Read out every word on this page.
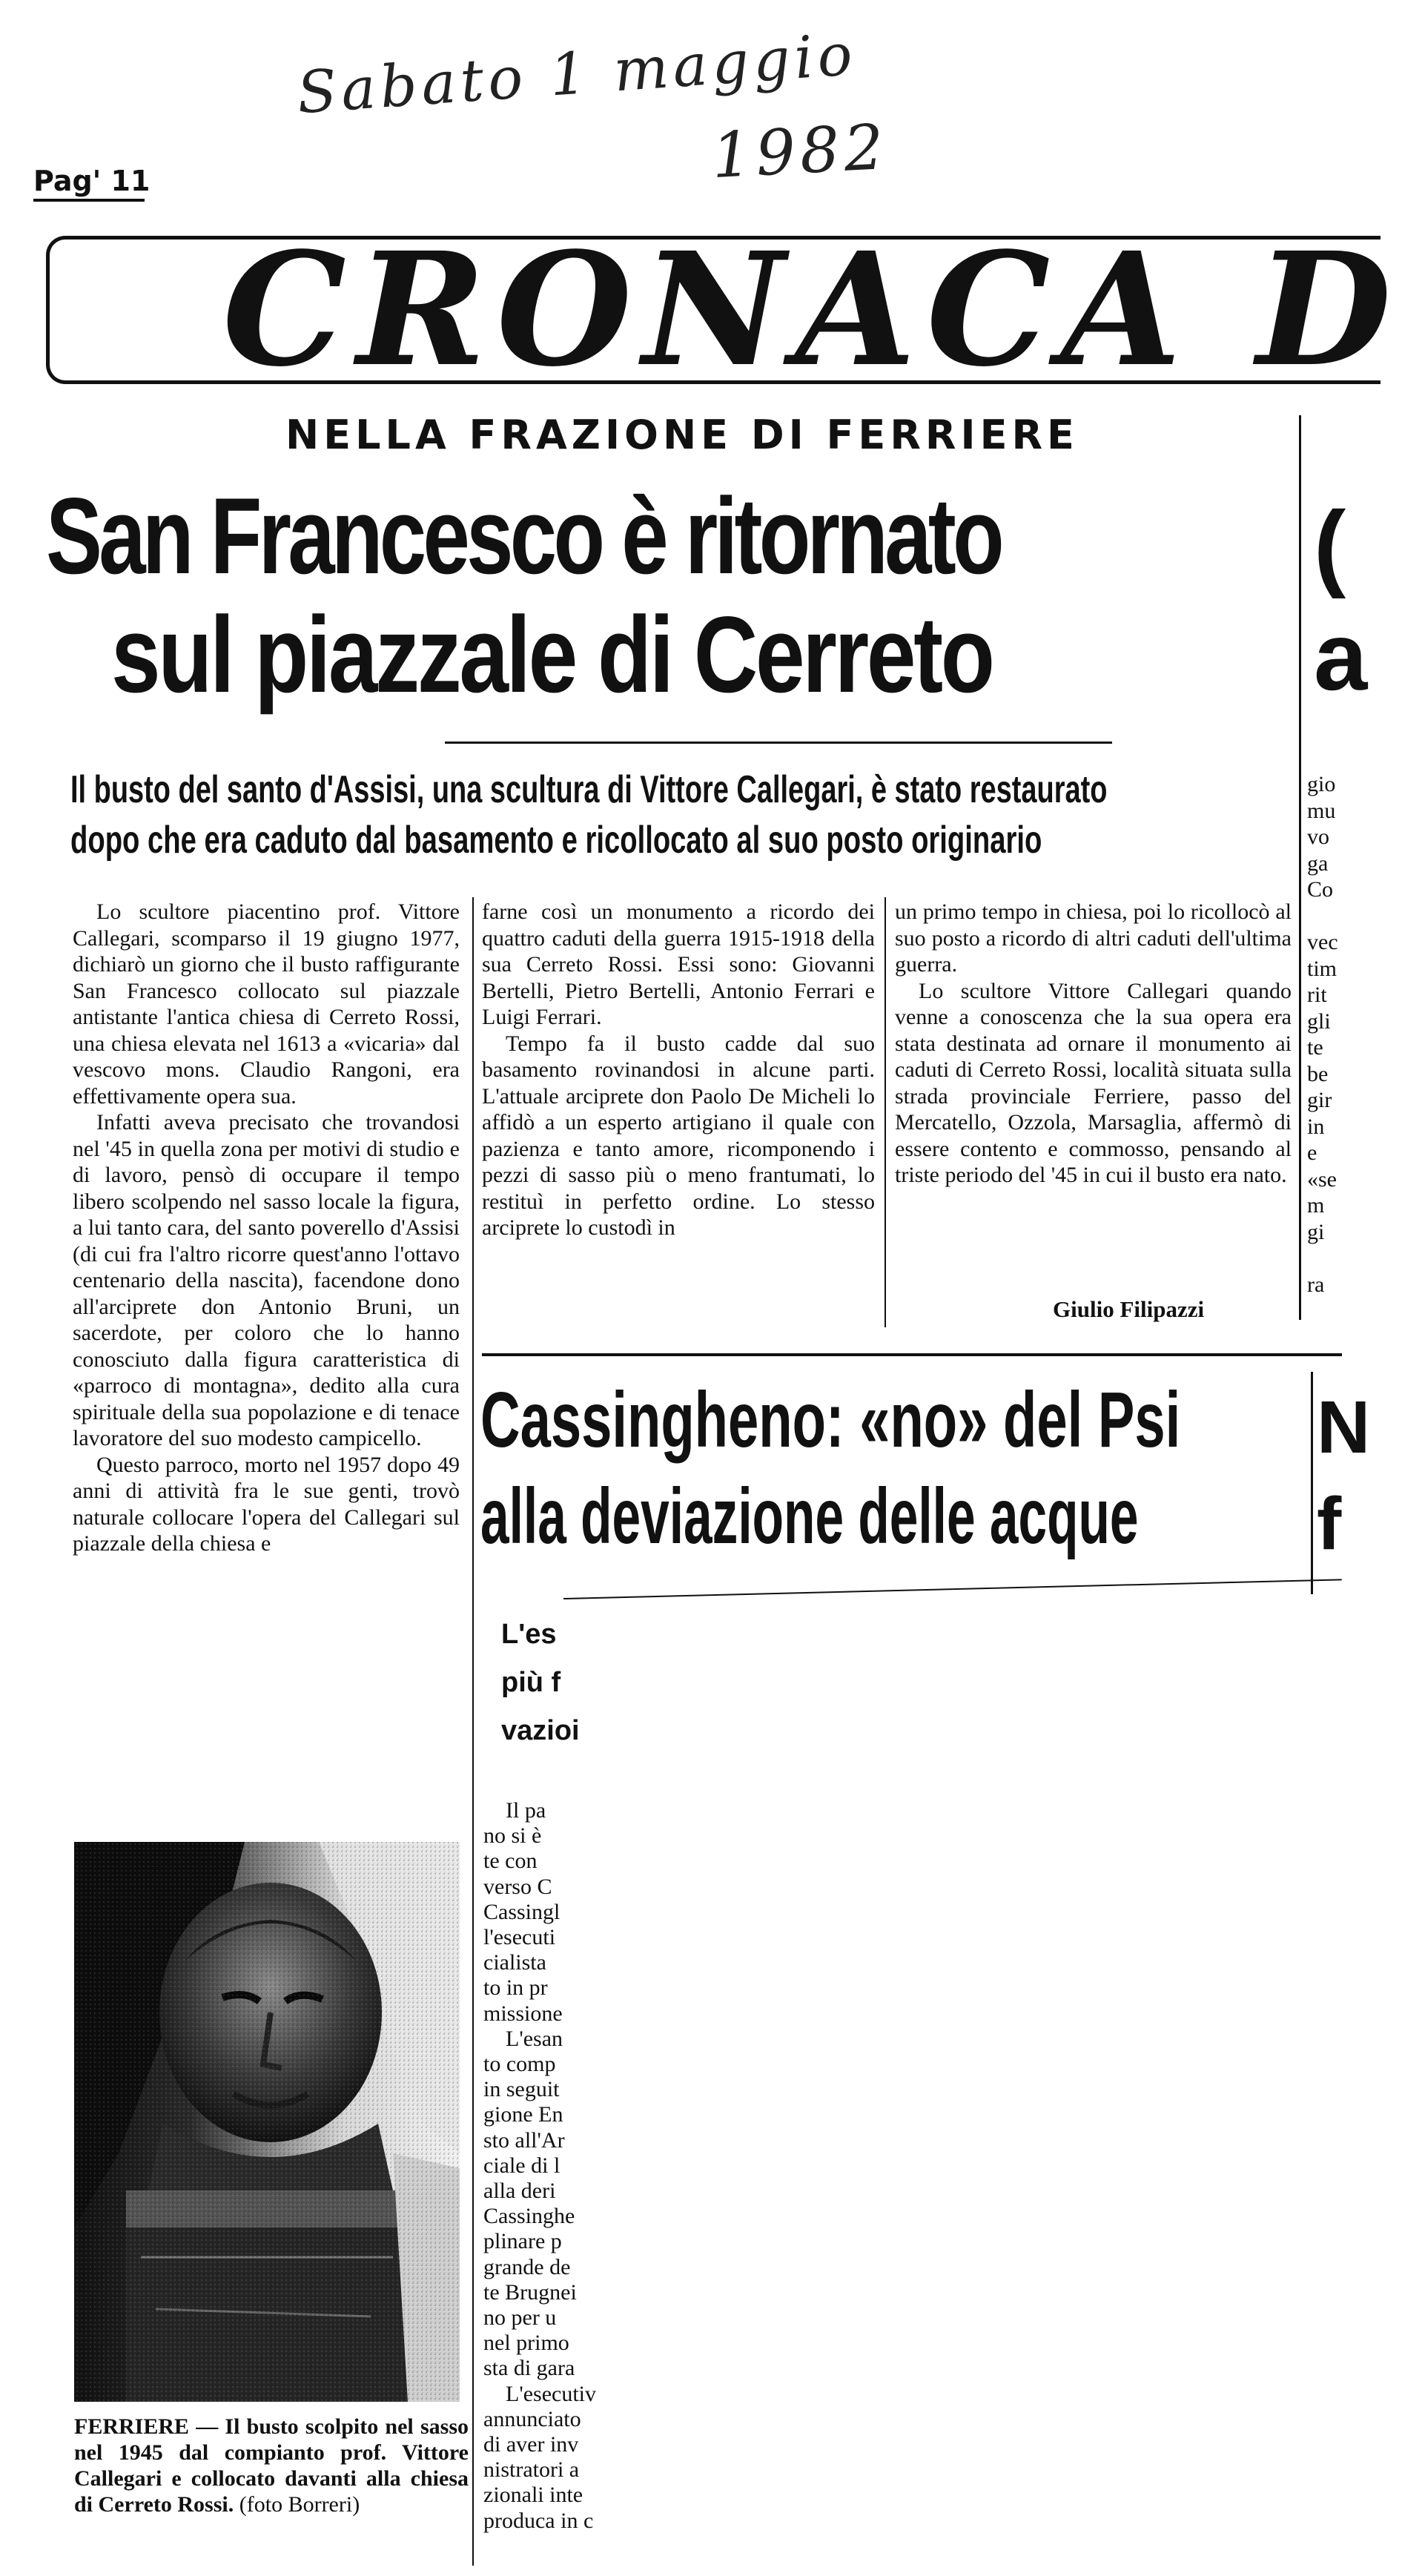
Sabato 1 maggio
1982
Pag' 11
CRONACA D
NELLA FRAZIONE DI FERRIERE
San Francesco è ritornato
sul piazzale di Cerreto
Il busto del santo d'Assisi, una scultura di Vittore Callegari, è stato restaurato
dopo che era caduto dal basamento e ricollocato al suo posto originario

Lo scultore piacentino prof. Vittore Callegari, scomparso il 19 giugno 1977, dichiarò un giorno che il busto raffigurante San Francesco collocato sul piazzale antistante l'antica chiesa di Cerreto Rossi, una chiesa elevata nel 1613 a «vicaria» dal vescovo mons. Claudio Rangoni, era effettivamente opera sua.

Infatti aveva precisato che trovandosi nel '45 in quella zona per motivi di studio e di lavoro, pensò di occupare il tempo libero scolpendo nel sasso locale la figura, a lui tanto cara, del santo poverello d'Assisi (di cui fra l'altro ricorre quest'anno l'ottavo centenario della nascita), facendone dono all'arciprete don Antonio Bruni, un sacerdote, per coloro che lo hanno conosciuto dalla figura caratteristica di «parroco di montagna», dedito alla cura spirituale della sua popolazione e di tenace lavoratore del suo modesto campicello.

Questo parroco, morto nel 1957 dopo 49 anni di attività fra le sue genti, trovò naturale collocare l'opera del Callegari sul piazzale della chiesa e

farne così un monumento a ricordo dei quattro caduti della guerra 1915-1918 della sua Cerreto Rossi. Essi sono: Giovanni Bertelli, Pietro Bertelli, Antonio Ferrari e Luigi Ferrari.

Tempo fa il busto cadde dal suo basamento rovinandosi in alcune parti. L'attuale arciprete don Paolo De Micheli lo affidò a un esperto artigiano il quale con pazienza e tanto amore, ricomponendo i pezzi di sasso più o meno frantumati, lo restituì in perfetto ordine. Lo stesso arciprete lo custodì in

un primo tempo in chiesa, poi lo ricollocò al suo posto a ricordo di altri caduti dell'ultima guerra.

Lo scultore Vittore Callegari quando venne a conoscenza che la sua opera era stata destinata ad ornare il monumento ai caduti di Cerreto Rossi, località situata sulla strada provinciale Ferriere, passo del Mercatello, Ozzola, Marsaglia, affermò di essere contento e commosso, pensando al triste periodo del '45 in cui il busto era nato.

Giulio Filipazzi
Cassingheno: «no» del Psi
alla deviazione delle acque
L'es
più f
vazioi
Il pa
no si è
te con
verso C
Cassingl
l'esecuti
cialista
to in pr
missione
L'esan
to comp
in seguit
gione En
sto all'Ar
ciale di l
alla deri
Cassinghe
plinare p
grande de
te Brugnei
no per u
nel primo
sta di gara
L'esecutiv
annunciato
di aver inv
nistratori a
zionali inte
produca in c
(
a
gio
mu
vo
ga
Co

vec
tim
rit
gli
te
be
gir
in
e
«se
m
gi

ra
N
f
FERRIERE — Il busto scolpito nel sasso nel 1945 dal compianto prof. Vittore Callegari e collocato davanti alla chiesa di Cerreto Rossi. (foto Borreri)
